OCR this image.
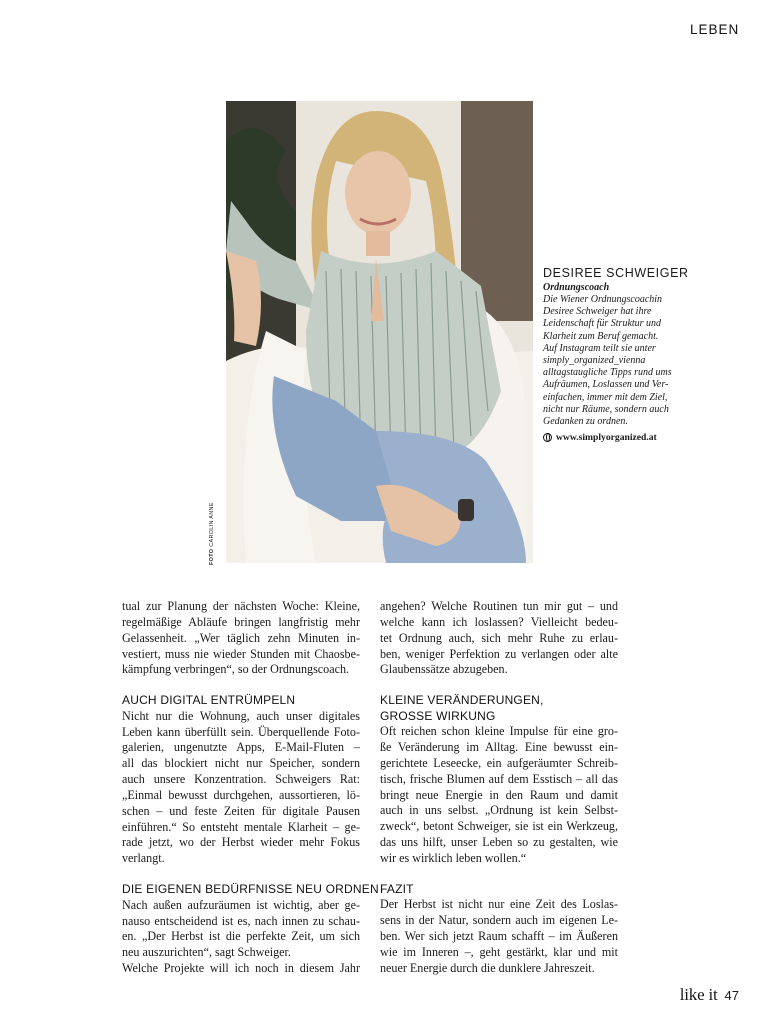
LEBEN
FOTO CAROLIN ANNE

DESIREE SCHWEIGER

Ordnungscoach

Die Wiener Ordnungscoachin

Desiree Schweiger hat ihre

Leidenschaft für Struktur und

Klarheit zum Beruf gemacht.

Auf Instagram teilt sie unter

simply_organized_vienna

alltagstaugliche Tipps rund ums

Aufräumen, Loslassen und Ver-

einfachen, immer mit dem Ziel,

nicht nur Räume, sondern auch

Gedanken zu ordnen.

www.simplyorganized.at

tual zur Planung der nächsten Woche: Kleine,

regelmäßige Abläufe bringen langfristig mehr

Gelassenheit. „Wer täglich zehn Minuten in-

vestiert, muss nie wieder Stunden mit Chaosbe-

kämpfung verbringen“, so der Ordnungscoach.

AUCH DIGITAL ENTRÜMPELN

Nicht nur die Wohnung, auch unser digitales

Leben kann überfüllt sein. Überquellende Foto-

galerien, ungenutzte Apps, E-Mail-Fluten –

all das blockiert nicht nur Speicher, sondern

auch unsere Konzentration. Schweigers Rat:

„Einmal bewusst durchgehen, aussortieren, lö-

schen – und feste Zeiten für digitale Pausen

einführen.“ So entsteht mentale Klarheit – ge-

rade jetzt, wo der Herbst wieder mehr Fokus

verlangt.

DIE EIGENEN BEDÜRFNISSE NEU ORDNEN

Nach außen aufzuräumen ist wichtig, aber ge-

nauso entscheidend ist es, nach innen zu schau-

en. „Der Herbst ist die perfekte Zeit, um sich

neu auszurichten“, sagt Schweiger.

Welche Projekte will ich noch in diesem Jahr

angehen? Welche Routinen tun mir gut – und

welche kann ich loslassen? Vielleicht bedeu-

tet Ordnung auch, sich mehr Ruhe zu erlau-

ben, weniger Perfektion zu verlangen oder alte

Glaubenssätze abzugeben.

KLEINE VERÄNDERUNGEN,

GROSSE WIRKUNG

Oft reichen schon kleine Impulse für eine gro-

ße Veränderung im Alltag. Eine bewusst ein-

gerichtete Leseecke, ein aufgeräumter Schreib-

tisch, frische Blumen auf dem Esstisch – all das

bringt neue Energie in den Raum und damit

auch in uns selbst. „Ordnung ist kein Selbst-

zweck“, betont Schweiger, sie ist ein Werkzeug,

das uns hilft, unser Leben so zu gestalten, wie

wir es wirklich leben wollen.“

FAZIT

Der Herbst ist nicht nur eine Zeit des Loslas-

sens in der Natur, sondern auch im eigenen Le-

ben. Wer sich jetzt Raum schafft – im Äußeren

wie im Inneren –, geht gestärkt, klar und mit

neuer Energie durch die dunklere Jahreszeit.

like it 47
